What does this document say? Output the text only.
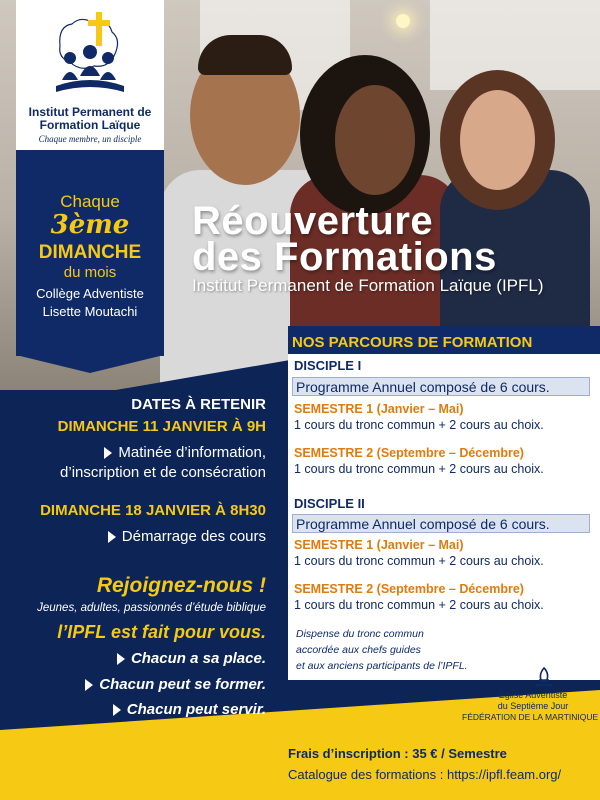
Institut Permanent de
Formation Laïque
Chaque membre, un disciple
Chaque
3ème
DIMANCHE
du mois
Collège Adventiste
Lisette Moutachi
Réouverture
des Formations
Institut Permanent de Formation Laïque (IPFL)
DATES À RETENIR
DIMANCHE 11 JANVIER À 9H
Matinée d’information,
d’inscription et de consécration
DIMANCHE 18 JANVIER À 8H30
Démarrage des cours
Rejoignez-nous !
Jeunes, adultes, passionnés d’étude biblique
l’IPFL est fait pour vous.
Chacun a sa place.
Chacun peut se former.
Chacun peut servir.
NOS PARCOURS DE FORMATION
DISCIPLE I
Programme Annuel composé de 6 cours.
SEMESTRE 1 (Janvier – Mai)
1 cours du tronc commun + 2 cours au choix.
SEMESTRE 2 (Septembre – Décembre)
1 cours du tronc commun + 2 cours au choix.
DISCIPLE II
Programme Annuel composé de 6 cours.
SEMESTRE 1 (Janvier – Mai)
1 cours du tronc commun + 2 cours au choix.
SEMESTRE 2 (Septembre – Décembre)
1 cours du tronc commun + 2 cours au choix.
Dispense du tronc commun
accordée aux chefs guides
et aux anciens participants de l’IPFL.
Église Adventiste
du Septième Jour
FÉDÉRATION DE LA MARTINIQUE
Frais d’inscription : 35 € / Semestre
Catalogue des formations : https://ipfl.feam.org/
